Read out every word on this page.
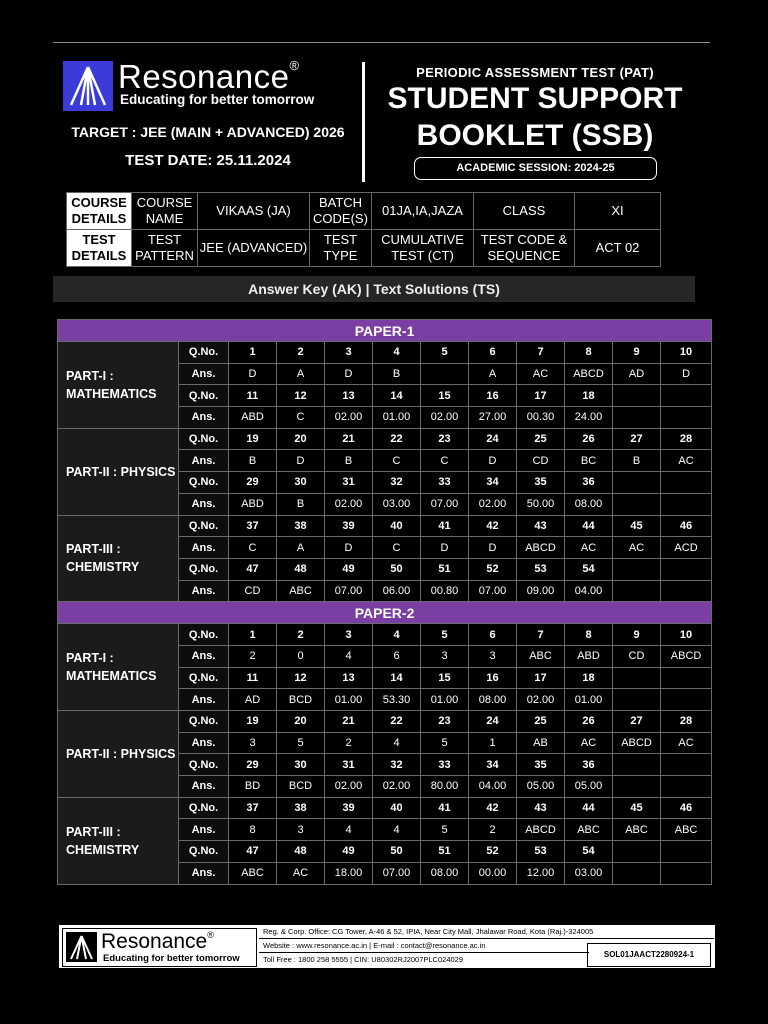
Resonance®
Educating for better tomorrow
TARGET : JEE (MAIN + ADVANCED) 2026
TEST DATE: 25.11.2024
PERIODIC ASSESSMENT TEST (PAT)
STUDENT SUPPORT
BOOKLET (SSB)
ACADEMIC SESSION: 2024-25
COURSE DETAILS	COURSE NAME	VIKAAS (JA)	BATCH CODE(S)	01JA,IA,JAZA	CLASS	XI
TEST DETAILS	TEST PATTERN	JEE (ADVANCED)	TEST TYPE	CUMULATIVE TEST (CT)	TEST CODE & SEQUENCE	ACT 02
Answer Key (AK) | Text Solutions (TS)
PAPER-1											
PART-I : MATHEMATICS	Q.No.	1	2	3	4	5	6	7	8	9	10
	Ans.	D	A	D	B		A	AC	ABCD	AD	D
	Q.No.	11	12	13	14	15	16	17	18		
	Ans.	ABD	C	02.00	01.00	02.00	27.00	00.30	24.00		
PART-II : PHYSICS	Q.No.	19	20	21	22	23	24	25	26	27	28
	Ans.	B	D	B	C	C	D	CD	BC	B	AC
	Q.No.	29	30	31	32	33	34	35	36		
	Ans.	ABD	B	02.00	03.00	07.00	02.00	50.00	08.00		
PART-III : CHEMISTRY	Q.No.	37	38	39	40	41	42	43	44	45	46
	Ans.	C	A	D	C	D	D	ABCD	AC	AC	ACD
	Q.No.	47	48	49	50	51	52	53	54		
	Ans.	CD	ABC	07.00	06.00	00.80	07.00	09.00	04.00		
PAPER-2											
PART-I : MATHEMATICS	Q.No.	1	2	3	4	5	6	7	8	9	10
	Ans.	2	0	4	6	3	3	ABC	ABD	CD	ABCD
	Q.No.	11	12	13	14	15	16	17	18		
	Ans.	AD	BCD	01.00	53.30	01.00	08.00	02.00	01.00		
PART-II : PHYSICS	Q.No.	19	20	21	22	23	24	25	26	27	28
	Ans.	3	5	2	4	5	1	AB	AC	ABCD	AC
	Q.No.	29	30	31	32	33	34	35	36		
	Ans.	BD	BCD	02.00	02.00	80.00	04.00	05.00	05.00		
PART-III : CHEMISTRY	Q.No.	37	38	39	40	41	42	43	44	45	46
	Ans.	8	3	4	4	5	2	ABCD	ABC	ABC	ABC
	Q.No.	47	48	49	50	51	52	53	54		
	Ans.	ABC	AC	18.00	07.00	08.00	00.00	12.00	03.00		
Resonance®
Educating for better tomorrow
Reg. & Corp. Office: CG Tower, A-46 & 52, IPIA, Near City Mall, Jhalawar Road, Kota (Raj.)-324005
Website : www.resonance.ac.in | E-mail : contact@resonance.ac.in
Toll Free : 1800 258 5555 | CIN: U80302RJ2007PLC024029
SOL01JAACT2280924-1
